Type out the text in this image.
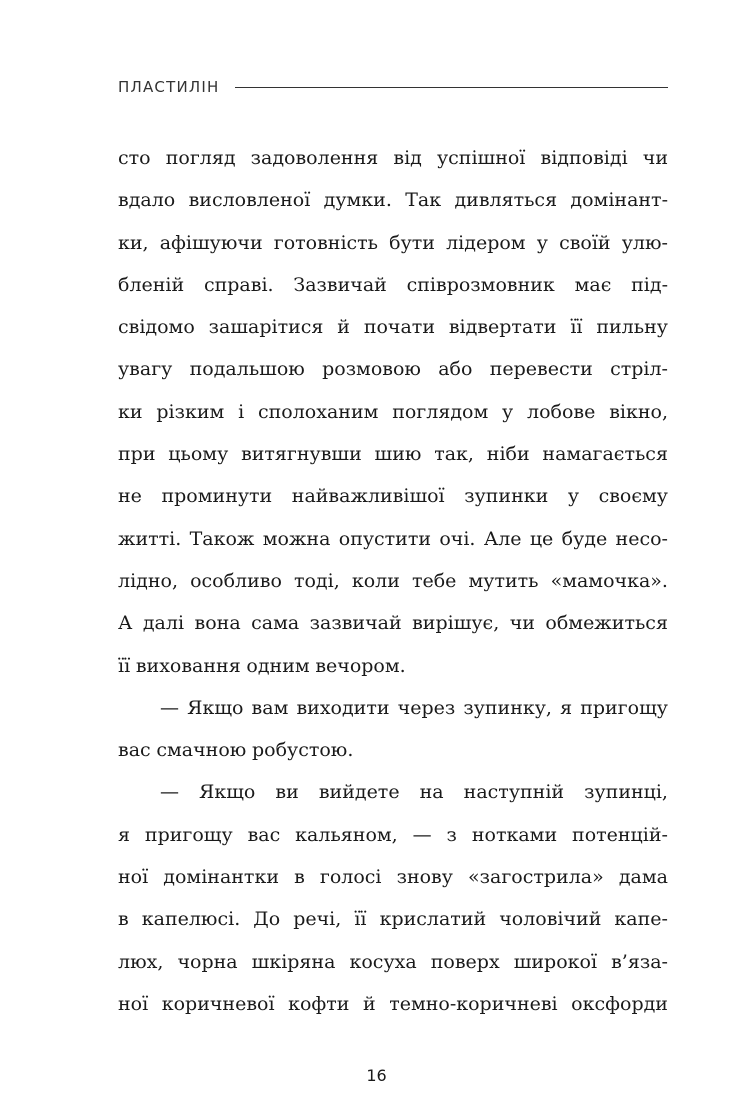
ПЛАСТИЛІН
сто погляд задоволення від успішної відповіді чи
вдало висловленої думки. Так дивляться домінант-
ки, афішуючи готовність бути лідером у своїй улю-
бленій справі. Зазвичай співрозмовник має під-
свідомо зашарітися й почати відвертати її пильну
увагу подальшою розмовою або перевести стріл-
ки різким і сполоханим поглядом у лобове вікно,
при цьому витягнувши шию так, ніби намагається
не проминути найважливішої зупинки у своєму
житті. Також можна опустити очі. Але це буде несо-
лідно, особливо тоді, коли тебе мутить «мамочка».
А далі вона сама зазвичай вирішує, чи обмежиться
її виховання одним вечором.
— Якщо вам виходити через зупинку, я пригощу
вас смачною робустою.
— Якщо ви вийдете на наступній зупинці,
я пригощу вас кальяном, — з нотками потенцій-
ної домінантки в голосі знову «загострила» дама
в капелюсі. До речі, її крислатий чоловічий капе-
люх, чорна шкіряна косуха поверх широкої в’яза-
ної коричневої кофти й темно-коричневі оксфорди
16
